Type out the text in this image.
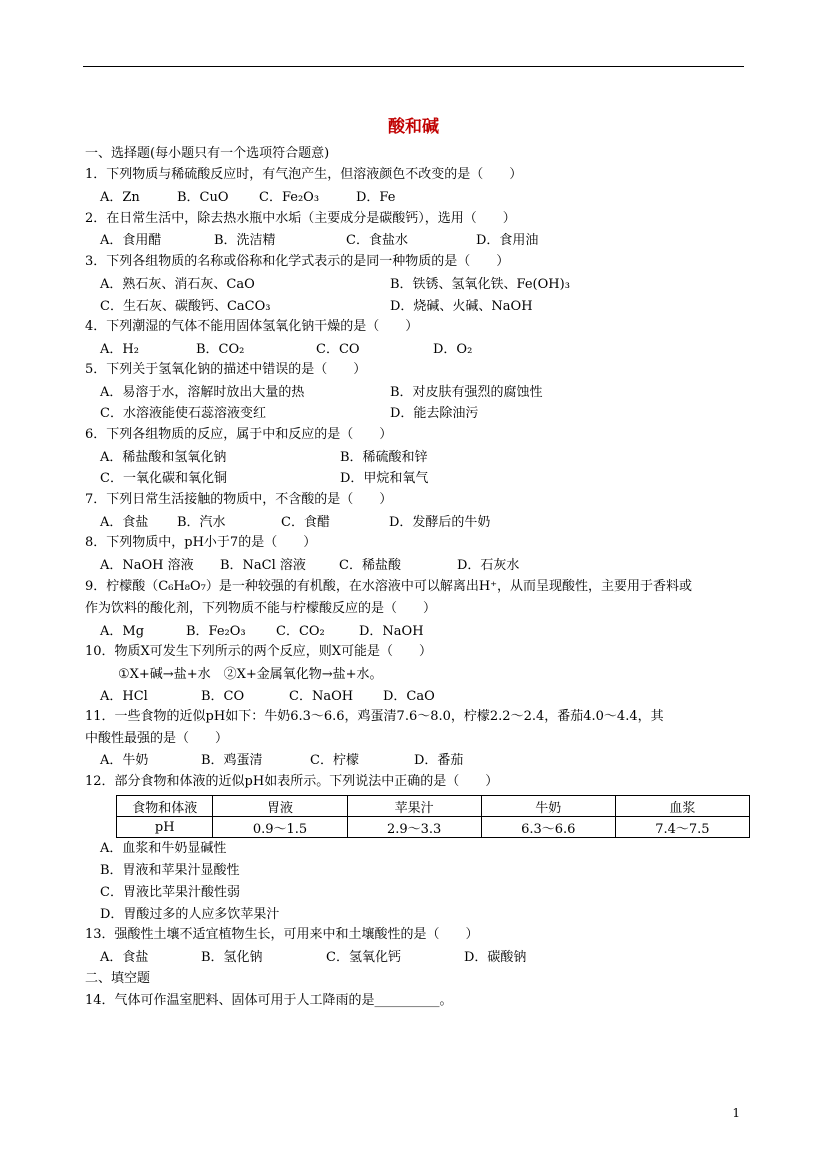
酸和碱
一、选择题(每小题只有一个选项符合题意)
1．下列物质与稀硫酸反应时，有气泡产生，但溶液颜色不改变的是（　　）
A．Zn	B．CuO C．Fe₂O₃	D．Fe
2．在日常生活中，除去热水瓶中水垢（主要成分是碳酸钙），选用（　　）
A．食用醋	B．洗洁精	C．食盐水	D．食用油
3．下列各组物质的名称或俗称和化学式表示的是同一种物质的是（　　）
A．熟石灰、消石灰、CaO	B．铁锈、氢氧化铁、Fe(OH)₃
C．生石灰、碳酸钙、CaCO₃	D．烧碱、火碱、NaOH
4．下列潮湿的气体不能用固体氢氧化钠干燥的是（　　）
A．H₂	B．CO₂	C．CO	D．O₂
5．下列关于氢氧化钠的描述中错误的是（　　）
A．易溶于水，溶解时放出大量的热	B．对皮肤有强烈的腐蚀性
C．水溶液能使石蕊溶液变红	D．能去除油污
6．下列各组物质的反应，属于中和反应的是（　　）
A．稀盐酸和氢氧化钠	B．稀硫酸和锌
C．一氧化碳和氧化铜	D．甲烷和氧气
7．下列日常生活接触的物质中，不含酸的是（　　）
A．食盐 B．汽水	C．食醋	D．发酵后的牛奶
8．下列物质中，pH小于7的是（　　）
A．NaOH 溶液 B．NaCl 溶液	C．稀盐酸	D．石灰水
9．柠檬酸（C₆H₈O₇）是一种较强的有机酸，在水溶液中可以解离出H⁺，从而呈现酸性，主要用于香料或
作为饮料的酸化剂，下列物质不能与柠檬酸反应的是（　　）
A．Mg	B．Fe₂O₃ C．CO₂	D．NaOH
10．物质X可发生下列所示的两个反应，则X可能是（　　）
①X+碱→盐+水　②X+金属氧化物→盐+水。
A．HCl	B．CO	C．NaOH D．CaO
11．一些食物的近似pH如下：牛奶6.3～6.6，鸡蛋清7.6～8.0，柠檬2.2～2.4，番茄4.0～4.4，其
中酸性最强的是（　　）
A．牛奶	B．鸡蛋清	C．柠檬	D．番茄
12．部分食物和体液的近似pH如表所示。下列说法中正确的是（　　）
食物和体液	胃液	苹果汁	牛奶	血浆
pH	0.9～1.5	2.9～3.3	6.3～6.6	7.4～7.5
A．血浆和牛奶显碱性
B．胃液和苹果汁显酸性
C．胃液比苹果汁酸性弱
D．胃酸过多的人应多饮苹果汁
13．强酸性土壤不适宜植物生长，可用来中和土壤酸性的是（　　）
A．食盐	B．氢化钠	C．氢氧化钙	D．碳酸钠
二、填空题
14．气体可作温室肥料、固体可用于人工降雨的是__________。
1
